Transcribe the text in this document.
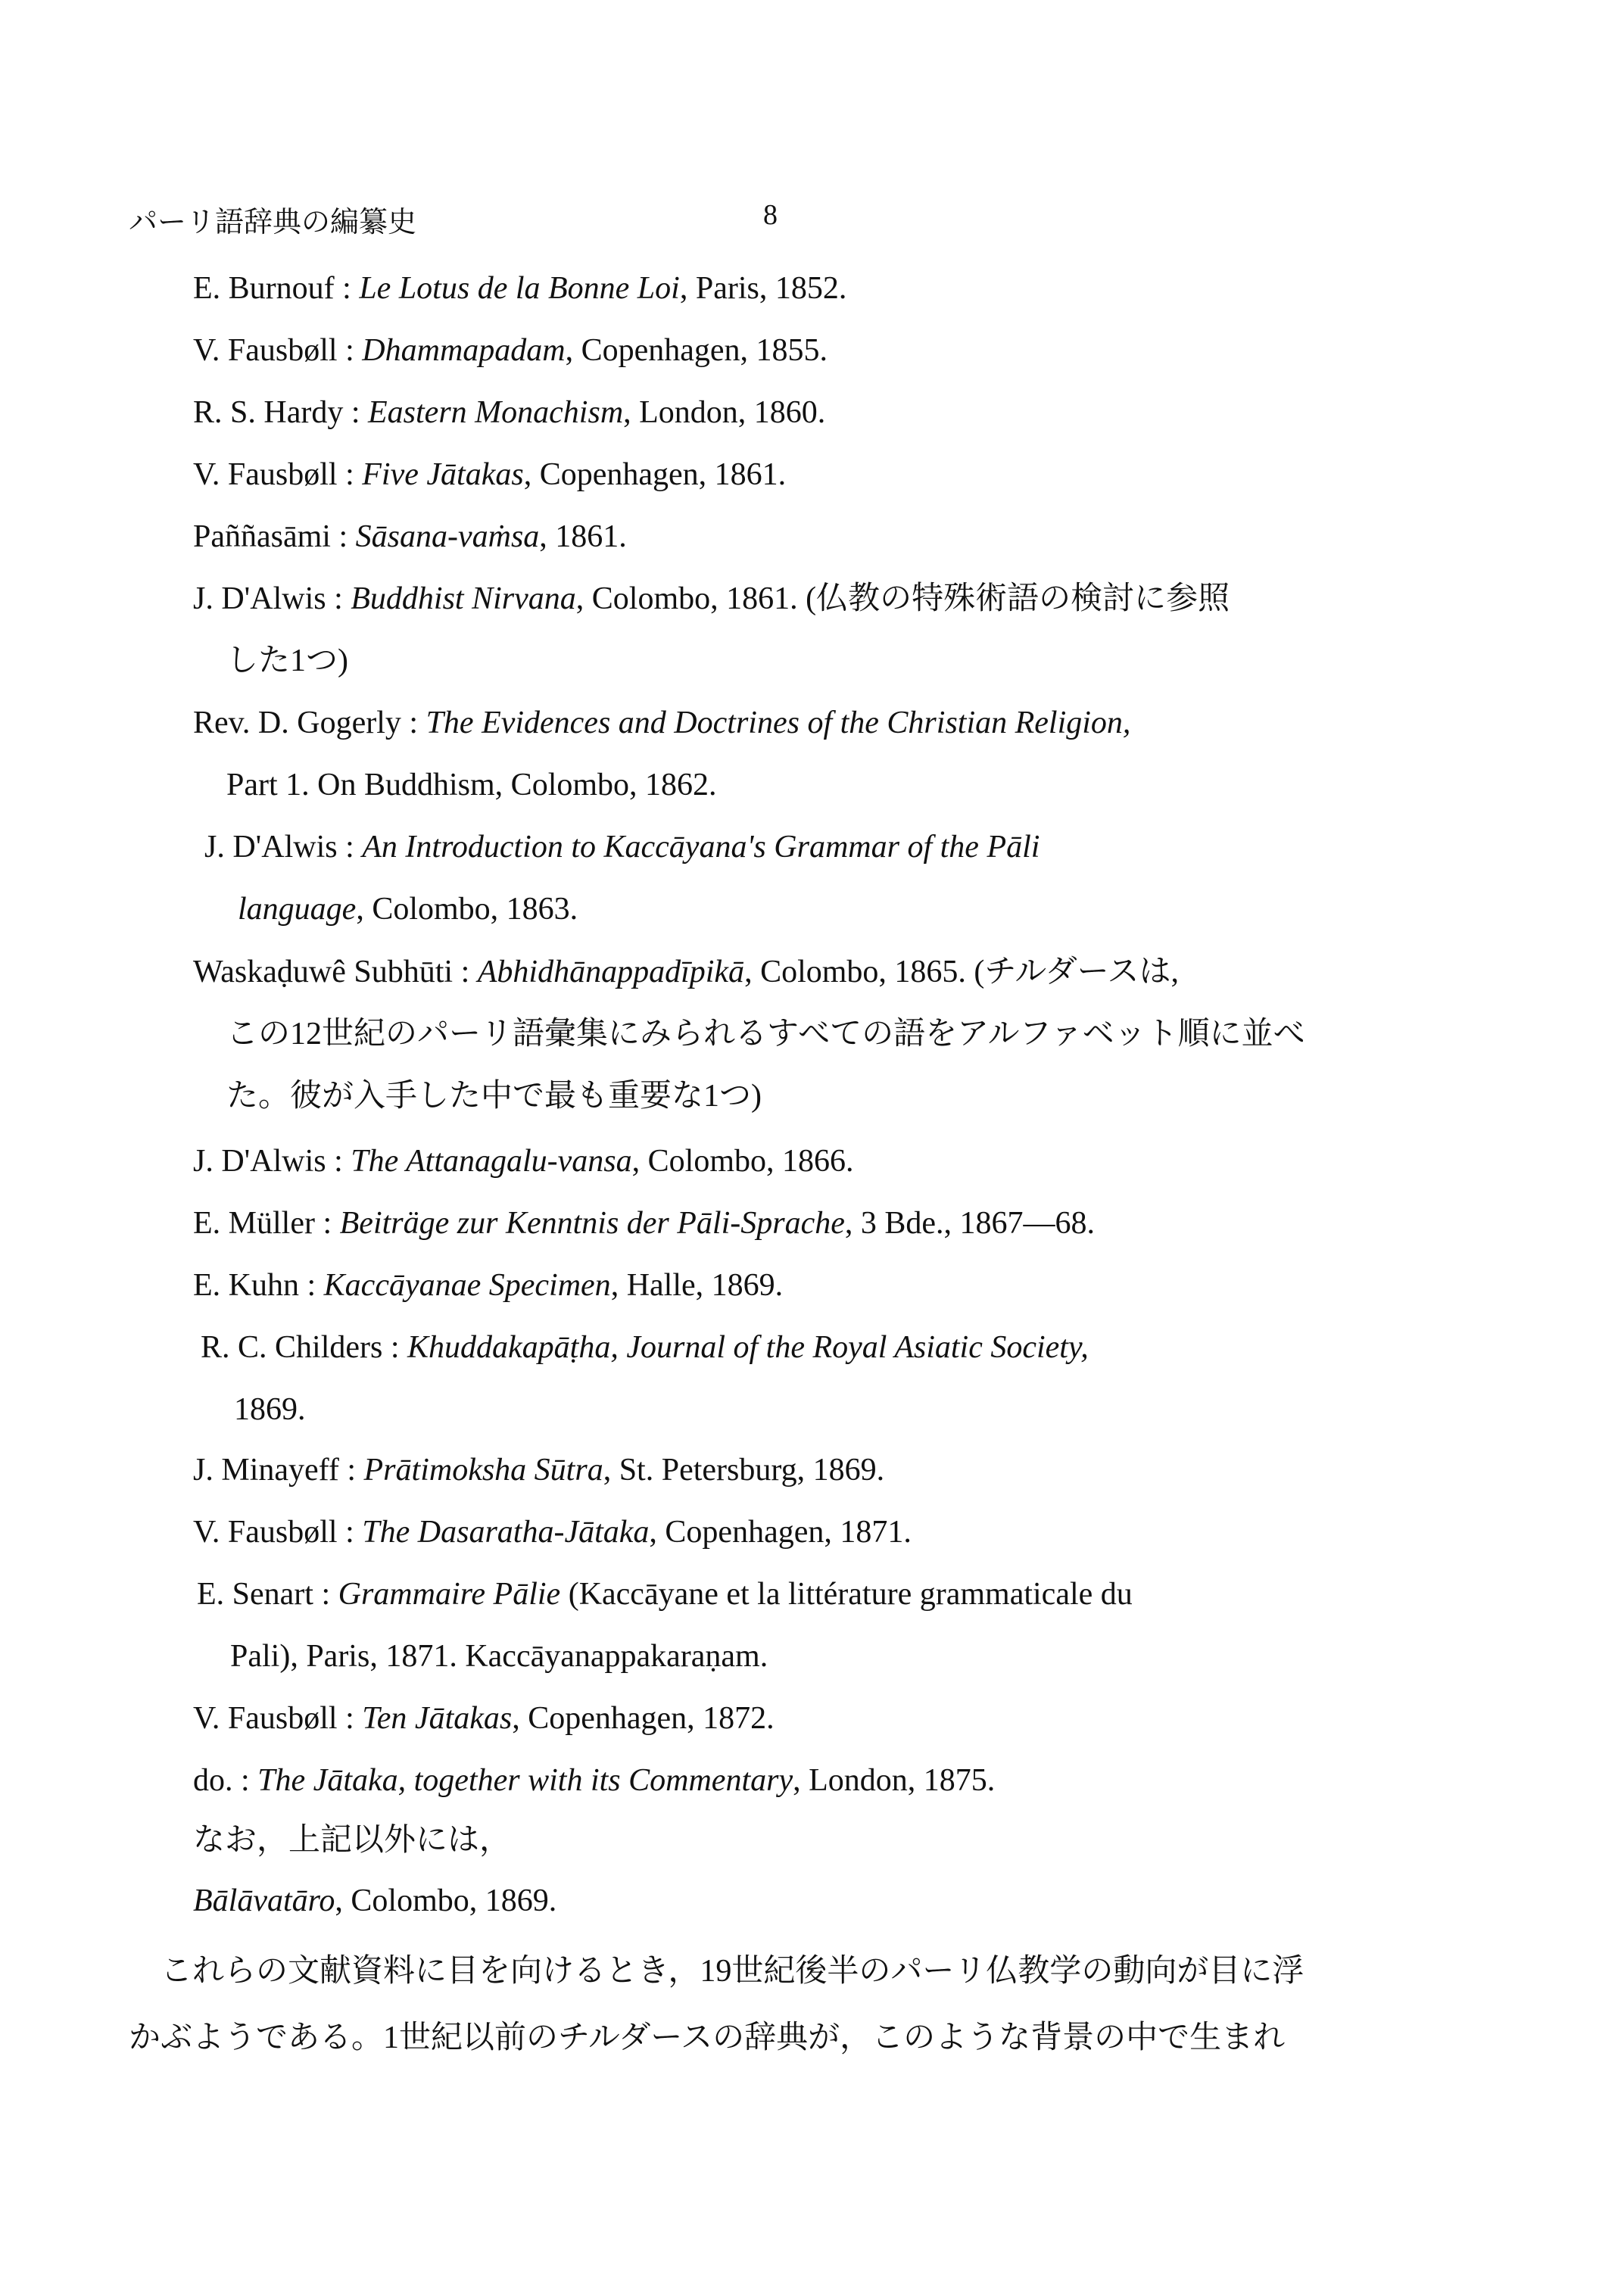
パーリ語辞典の編纂史	8
E. Burnouf : Le Lotus de la Bonne Loi, Paris, 1852.
V. Fausbøll : Dhammapadam, Copenhagen, 1855.
R. S. Hardy : Eastern Monachism, London, 1860.
V. Fausbøll : Five Jātakas, Copenhagen, 1861.
Paññasāmi : Sāsana-vaṁsa, 1861.
J. D'Alwis : Buddhist Nirvana, Colombo, 1861. (仏教の特殊術語の検討に参照
した1つ)
Rev. D. Gogerly : The Evidences and Doctrines of the Christian Religion,
Part 1. On Buddhism, Colombo, 1862.
J. D'Alwis : An Introduction to Kaccāyana's Grammar of the Pāli
language, Colombo, 1863.
Waskaḍuwê Subhūti : Abhidhānappadīpikā, Colombo, 1865. (チルダースは,
この12世紀のパーリ語彙集にみられるすべての語をアルファベット順に並べ
た。彼が入手した中で最も重要な1つ)
J. D'Alwis : The Attanagalu-vansa, Colombo, 1866.
E. Müller : Beiträge zur Kenntnis der Pāli-Sprache, 3 Bde., 1867—68.
E. Kuhn : Kaccāyanae Specimen, Halle, 1869.
R. C. Childers : Khuddakapāṭha, Journal of the Royal Asiatic Society,
1869.
J. Minayeff : Prātimoksha Sūtra, St. Petersburg, 1869.
V. Fausbøll : The Dasaratha-Jātaka, Copenhagen, 1871.
E. Senart : Grammaire Pālie (Kaccāyane et la littérature grammaticale du
Pali), Paris, 1871. Kaccāyanappakaraṇam.
V. Fausbøll : Ten Jātakas, Copenhagen, 1872.
do. : The Jātaka, together with its Commentary, London, 1875.
なお，上記以外には，
Bālāvatāro, Colombo, 1869.
これらの文献資料に目を向けるとき，19世紀後半のパーリ仏教学の動向が目に浮
かぶようである。1世紀以前のチルダースの辞典が，このような背景の中で生まれ
